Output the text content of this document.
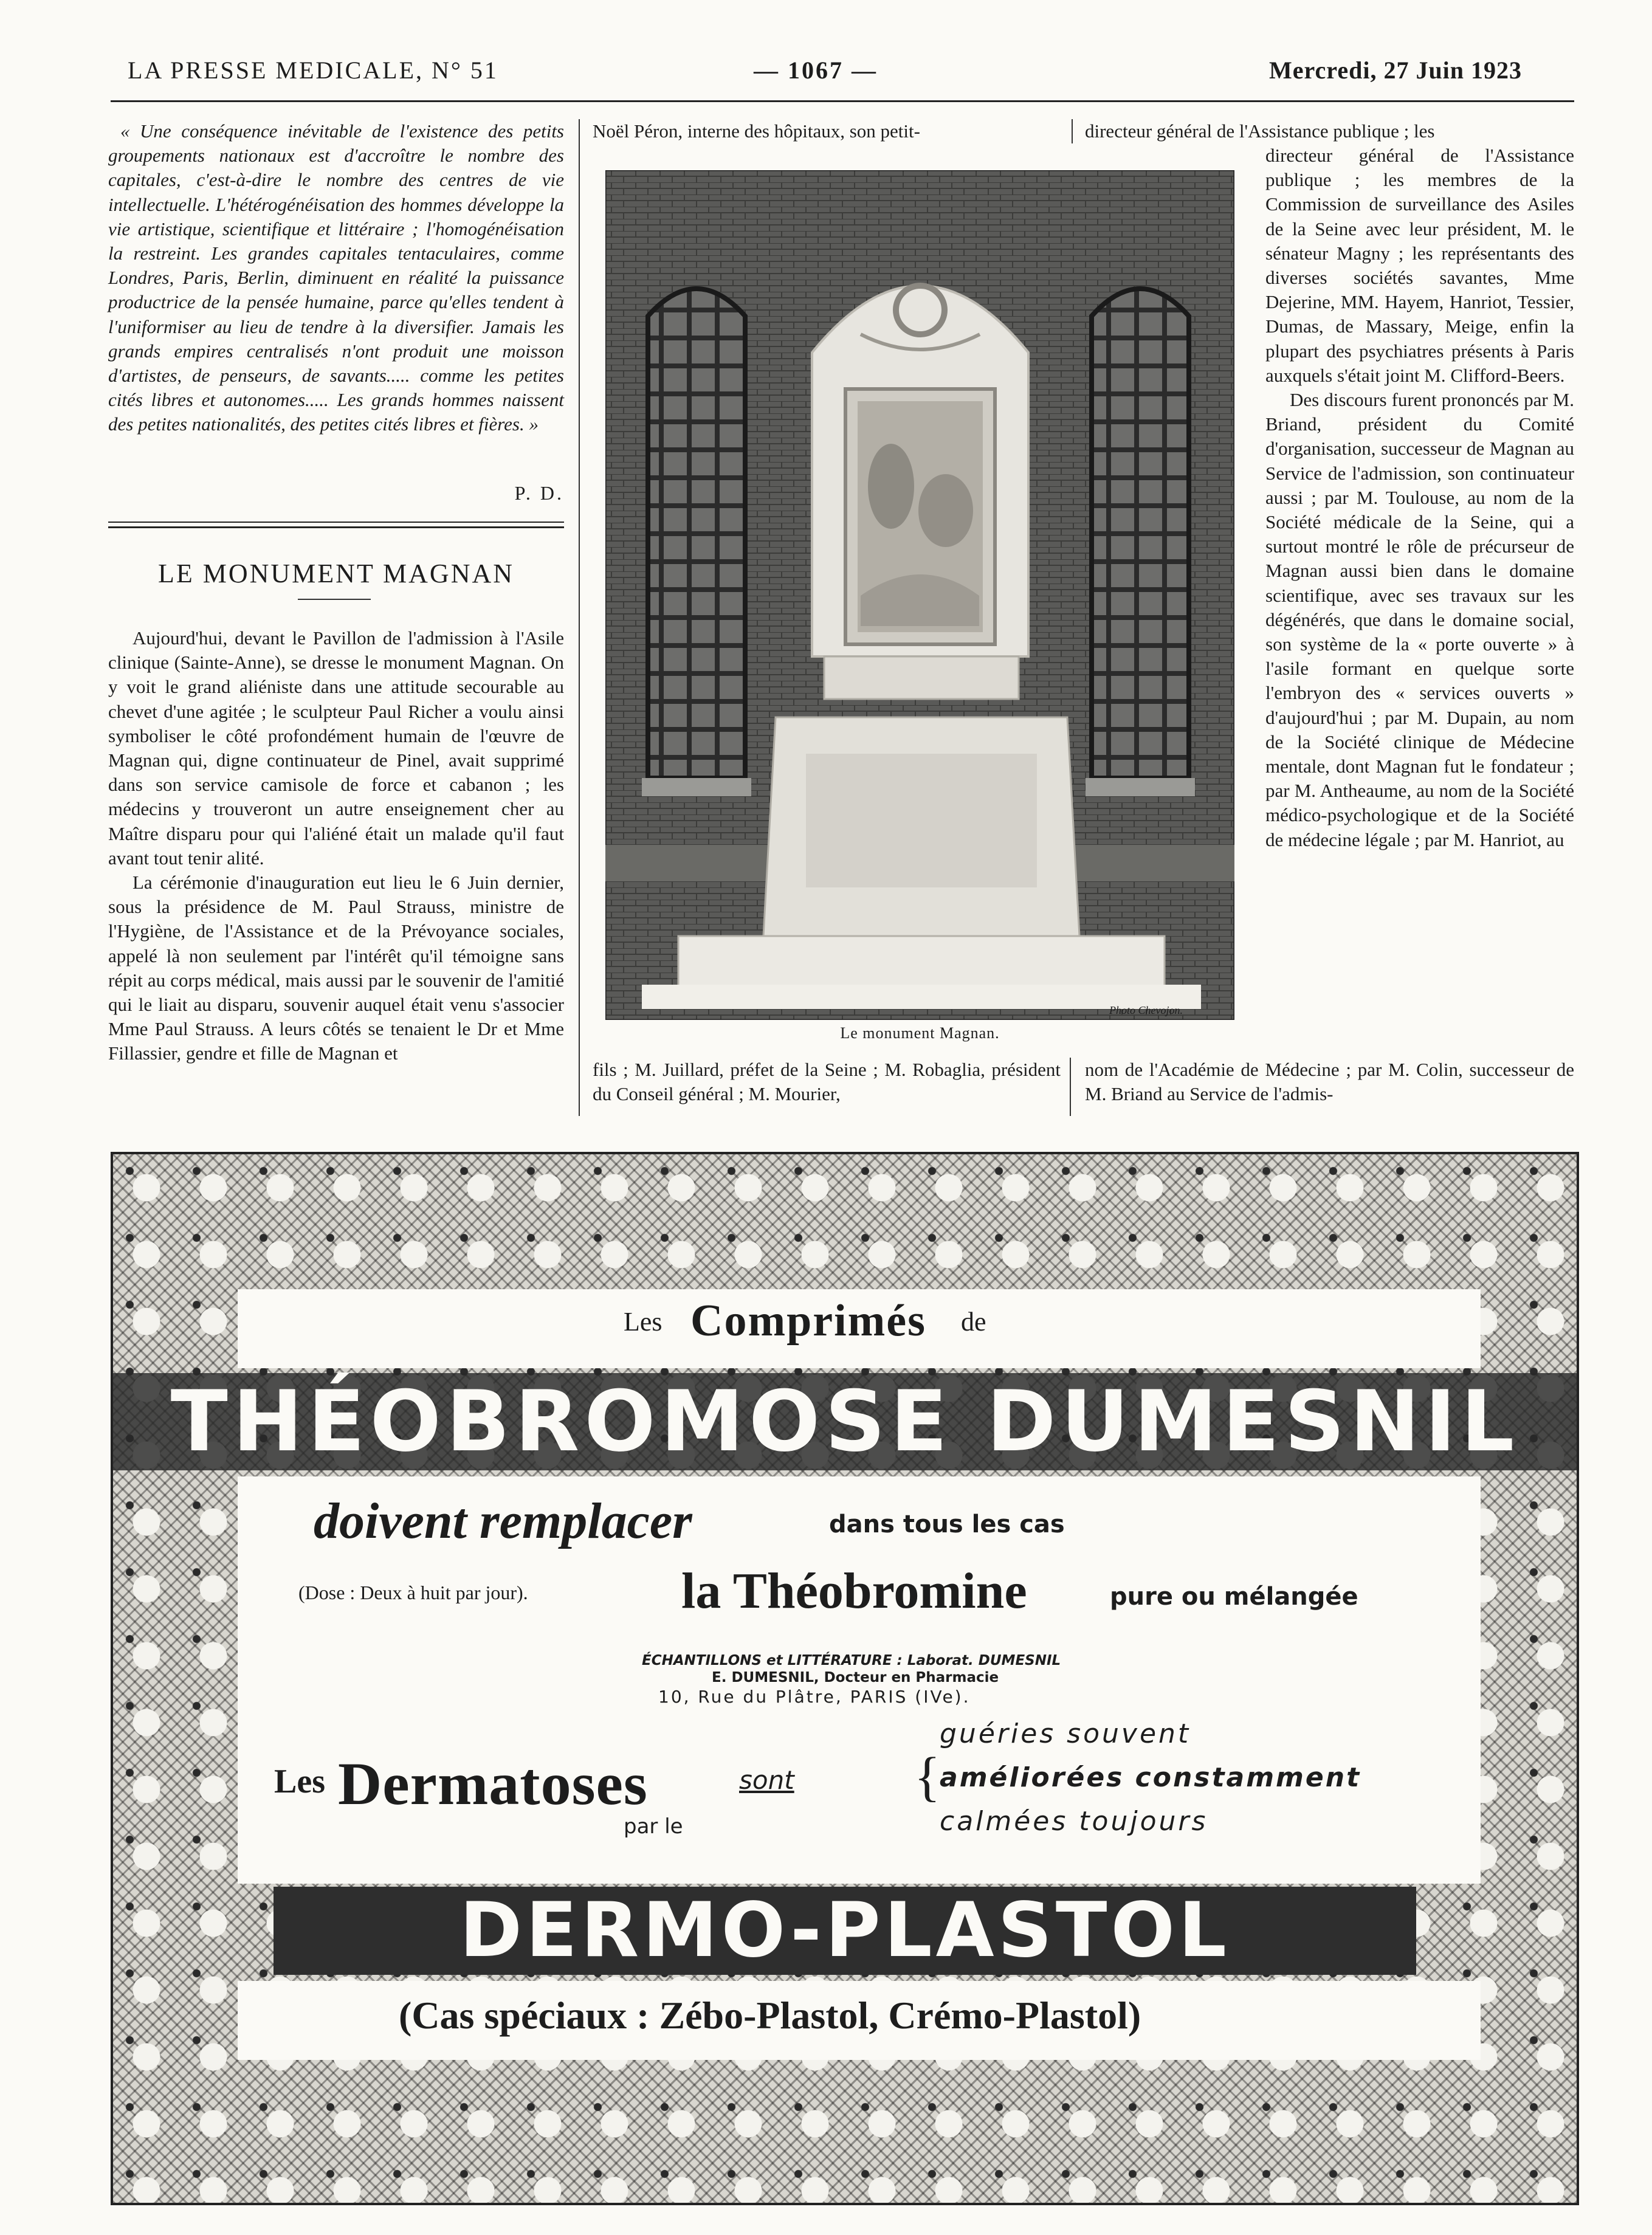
LA PRESSE MEDICALE, N° 51	— 1067 —	Mercredi, 27 Juin 1923

« Une conséquence inévitable de l'existence des petits groupements nationaux est d'accroître le nombre des capitales, c'est-à-dire le nombre des centres de vie intellectuelle. L'hétérogénéisation des hommes développe la vie artistique, scientifique et littéraire ; l'homogénéisation la restreint. Les grandes capitales tentaculaires, comme Londres, Paris, Berlin, diminuent en réalité la puissance productrice de la pensée humaine, parce qu'elles tendent à l'uniformiser au lieu de tendre à la diversifier. Jamais les grands empires centralisés n'ont produit une moisson d'artistes, de penseurs, de savants..... comme les petites cités libres et autonomes..... Les grands hommes naissent des petites nationalités, des petites cités libres et fières. »

P. D.
LE MONUMENT MAGNAN

Aujourd'hui, devant le Pavillon de l'admission à l'Asile clinique (Sainte-Anne), se dresse le monument Magnan. On y voit le grand aliéniste dans une attitude secourable au chevet d'une agitée ; le sculpteur Paul Richer a voulu ainsi symboliser le côté profondément humain de l'œuvre de Magnan qui, digne continuateur de Pinel, avait supprimé dans son service camisole de force et cabanon ; les médecins y trouveront un autre enseignement cher au Maître disparu pour qui l'aliéné était un malade qu'il faut avant tout tenir alité.

La cérémonie d'inauguration eut lieu le 6 Juin dernier, sous la présidence de M. Paul Strauss, ministre de l'Hygiène, de l'Assistance et de la Prévoyance sociales, appelé là non seulement par l'intérêt qu'il témoigne sans répit au corps médical, mais aussi par le souvenir de l'amitié qui le liait au disparu, souvenir auquel était venu s'associer Mme Paul Strauss. A leurs côtés se tenaient le Dr et Mme Fillassier, gendre et fille de Magnan et

Noël Péron, interne des hôpitaux, son petit-
Photo Chevojon.
Le monument Magnan.

fils ; M. Juillard, préfet de la Seine ; M. Robaglia, président du Conseil général ; M. Mourier,

directeur général de l'Assistance publique ; les

directeur général de l'Assistance publique ; les membres de la Commission de surveillance des Asiles de la Seine avec leur président, M. le sénateur Magny ; les représentants des diverses sociétés savantes, Mme Dejerine, MM. Hayem, Hanriot, Tessier, Dumas, de Massary, Meige, enfin la plupart des psychiatres présents à Paris auxquels s'était joint M. Clifford-Beers.

Des discours furent prononcés par M. Briand, président du Comité d'organisation, successeur de Magnan au Service de l'admission, son continuateur aussi ; par M. Toulouse, au nom de la Société médicale de la Seine, qui a surtout montré le rôle de précurseur de Magnan aussi bien dans le domaine scientifique, avec ses travaux sur les dégénérés, que dans le domaine social, son système de la « porte ouverte » à l'asile formant en quelque sorte l'embryon des « services ouverts » d'aujourd'hui ; par M. Dupain, au nom de la Société clinique de Médecine mentale, dont Magnan fut le fondateur ; par M. Antheaume, au nom de la Société médico-psychologique et de la Société de médecine légale ; par M. Hanriot, au

nom de l'Académie de Médecine ; par M. Colin, successeur de M. Briand au Service de l'admis-

Les Comprimés de
THÉOBROMOSE DUMESNIL
doivent remplacer	dans tous les cas
(Dose : Deux à huit par jour).	la Théobromine	pure ou mélangée
ÉCHANTILLONS et LITTÉRATURE : Laborat. DUMESNIL
E. DUMESNIL, Docteur en Pharmacie
10, Rue du Plâtre, PARIS (IVe).
Les Dermatoses	sont
par le
{
guéries souvent
améliorées constamment
calmées toujours
DERMO-PLASTOL
(Cas spéciaux : Zébo-Plastol, Crémo-Plastol)
